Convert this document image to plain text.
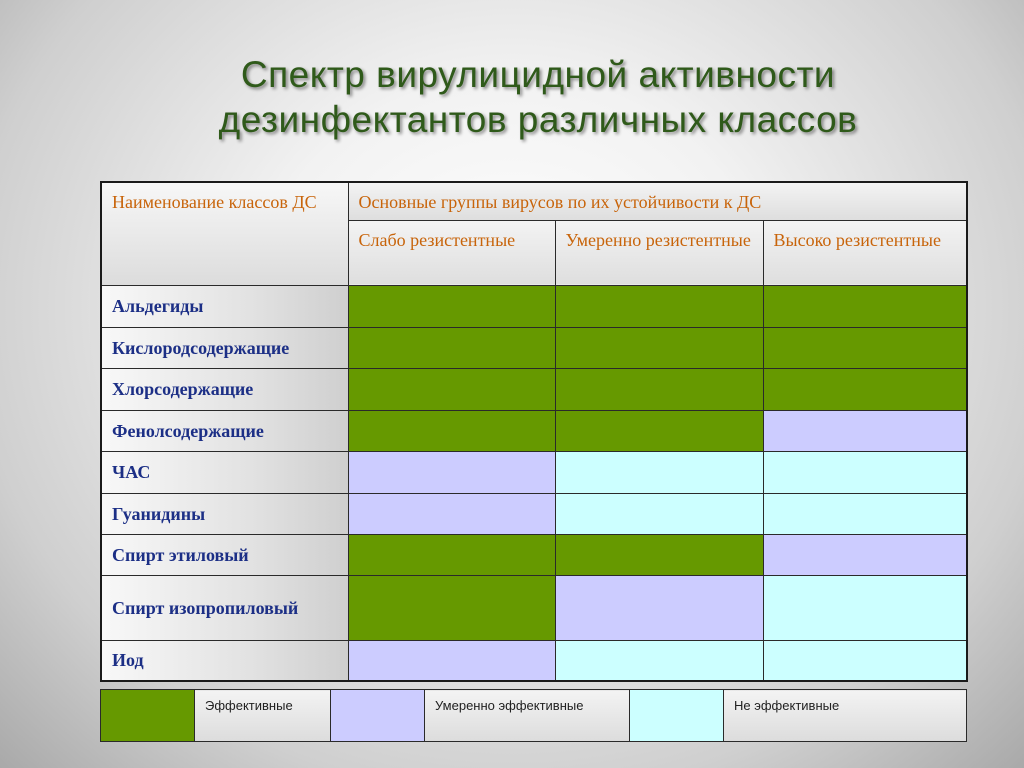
Спектр вирулицидной активности
дезинфектантов различных классов
Наименование классов ДС	Основные группы вирусов по их устойчивости к ДС		
	Слабо резистентные	Умеренно резистентные	Высоко резистентные
Альдегиды			
Кислородсодержащие			
Хлорсодержащие			
Фенолсодержащие			
ЧАС			
Гуанидины			
Спирт этиловый			
Спирт изопропиловый			
Иод			
	Эффективные		Умеренно эффективные		Не эффективные
